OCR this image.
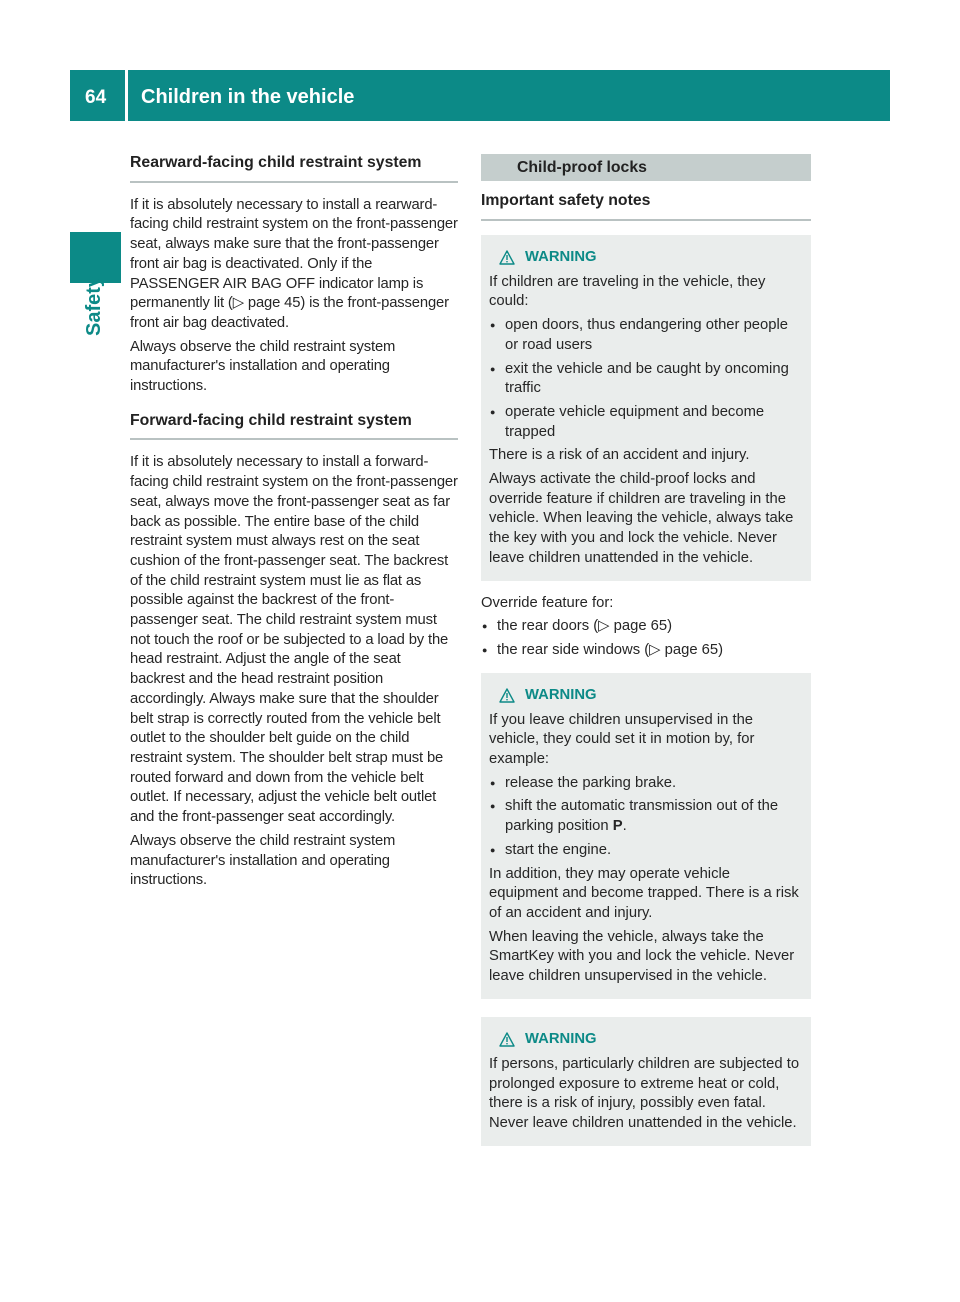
64 Children in the vehicle
Safety
Rearward-facing child restraint system

If it is absolutely necessary to install a rearward-facing child restraint system on the front-passenger seat, always make sure that the front-passenger front air bag is deactivated. Only if the PASSENGER AIR BAG OFF indicator lamp is permanently lit (▷ page 45) is the front-passenger front air bag deactivated.

Always observe the child restraint system manufacturer's installation and operating instructions.

Forward-facing child restraint system

If it is absolutely necessary to install a forward-facing child restraint system on the front-passenger seat, always move the front-passenger seat as far back as possible. The entire base of the child restraint system must always rest on the seat cushion of the front-passenger seat. The backrest of the child restraint system must lie as flat as possible against the backrest of the front-passenger seat. The child restraint system must not touch the roof or be subjected to a load by the head restraint. Adjust the angle of the seat backrest and the head restraint position accordingly. Always make sure that the shoulder belt strap is correctly routed from the vehicle belt outlet to the shoulder belt guide on the child restraint system. The shoulder belt strap must be routed forward and down from the vehicle belt outlet. If necessary, adjust the vehicle belt outlet and the front-passenger seat accordingly.

Always observe the child restraint system manufacturer's installation and operating instructions.

Child-proof locks
Important safety notes
WARNING

If children are traveling in the vehicle, they could:

● open doors, thus endangering other people or road users
● exit the vehicle and be caught by oncoming traffic
● operate vehicle equipment and become trapped

There is a risk of an accident and injury.

Always activate the child-proof locks and override feature if children are traveling in the vehicle. When leaving the vehicle, always take the key with you and lock the vehicle. Never leave children unattended in the vehicle.

Override feature for:

● the rear doors (▷ page 65)
● the rear side windows (▷ page 65)
WARNING

If you leave children unsupervised in the vehicle, they could set it in motion by, for example:

● release the parking brake.
● shift the automatic transmission out of the parking position P.
● start the engine.

In addition, they may operate vehicle equipment and become trapped. There is a risk of an accident and injury.

When leaving the vehicle, always take the SmartKey with you and lock the vehicle. Never leave children unsupervised in the vehicle.

WARNING

If persons, particularly children are subjected to prolonged exposure to extreme heat or cold, there is a risk of injury, possibly even fatal. Never leave children unattended in the vehicle.
